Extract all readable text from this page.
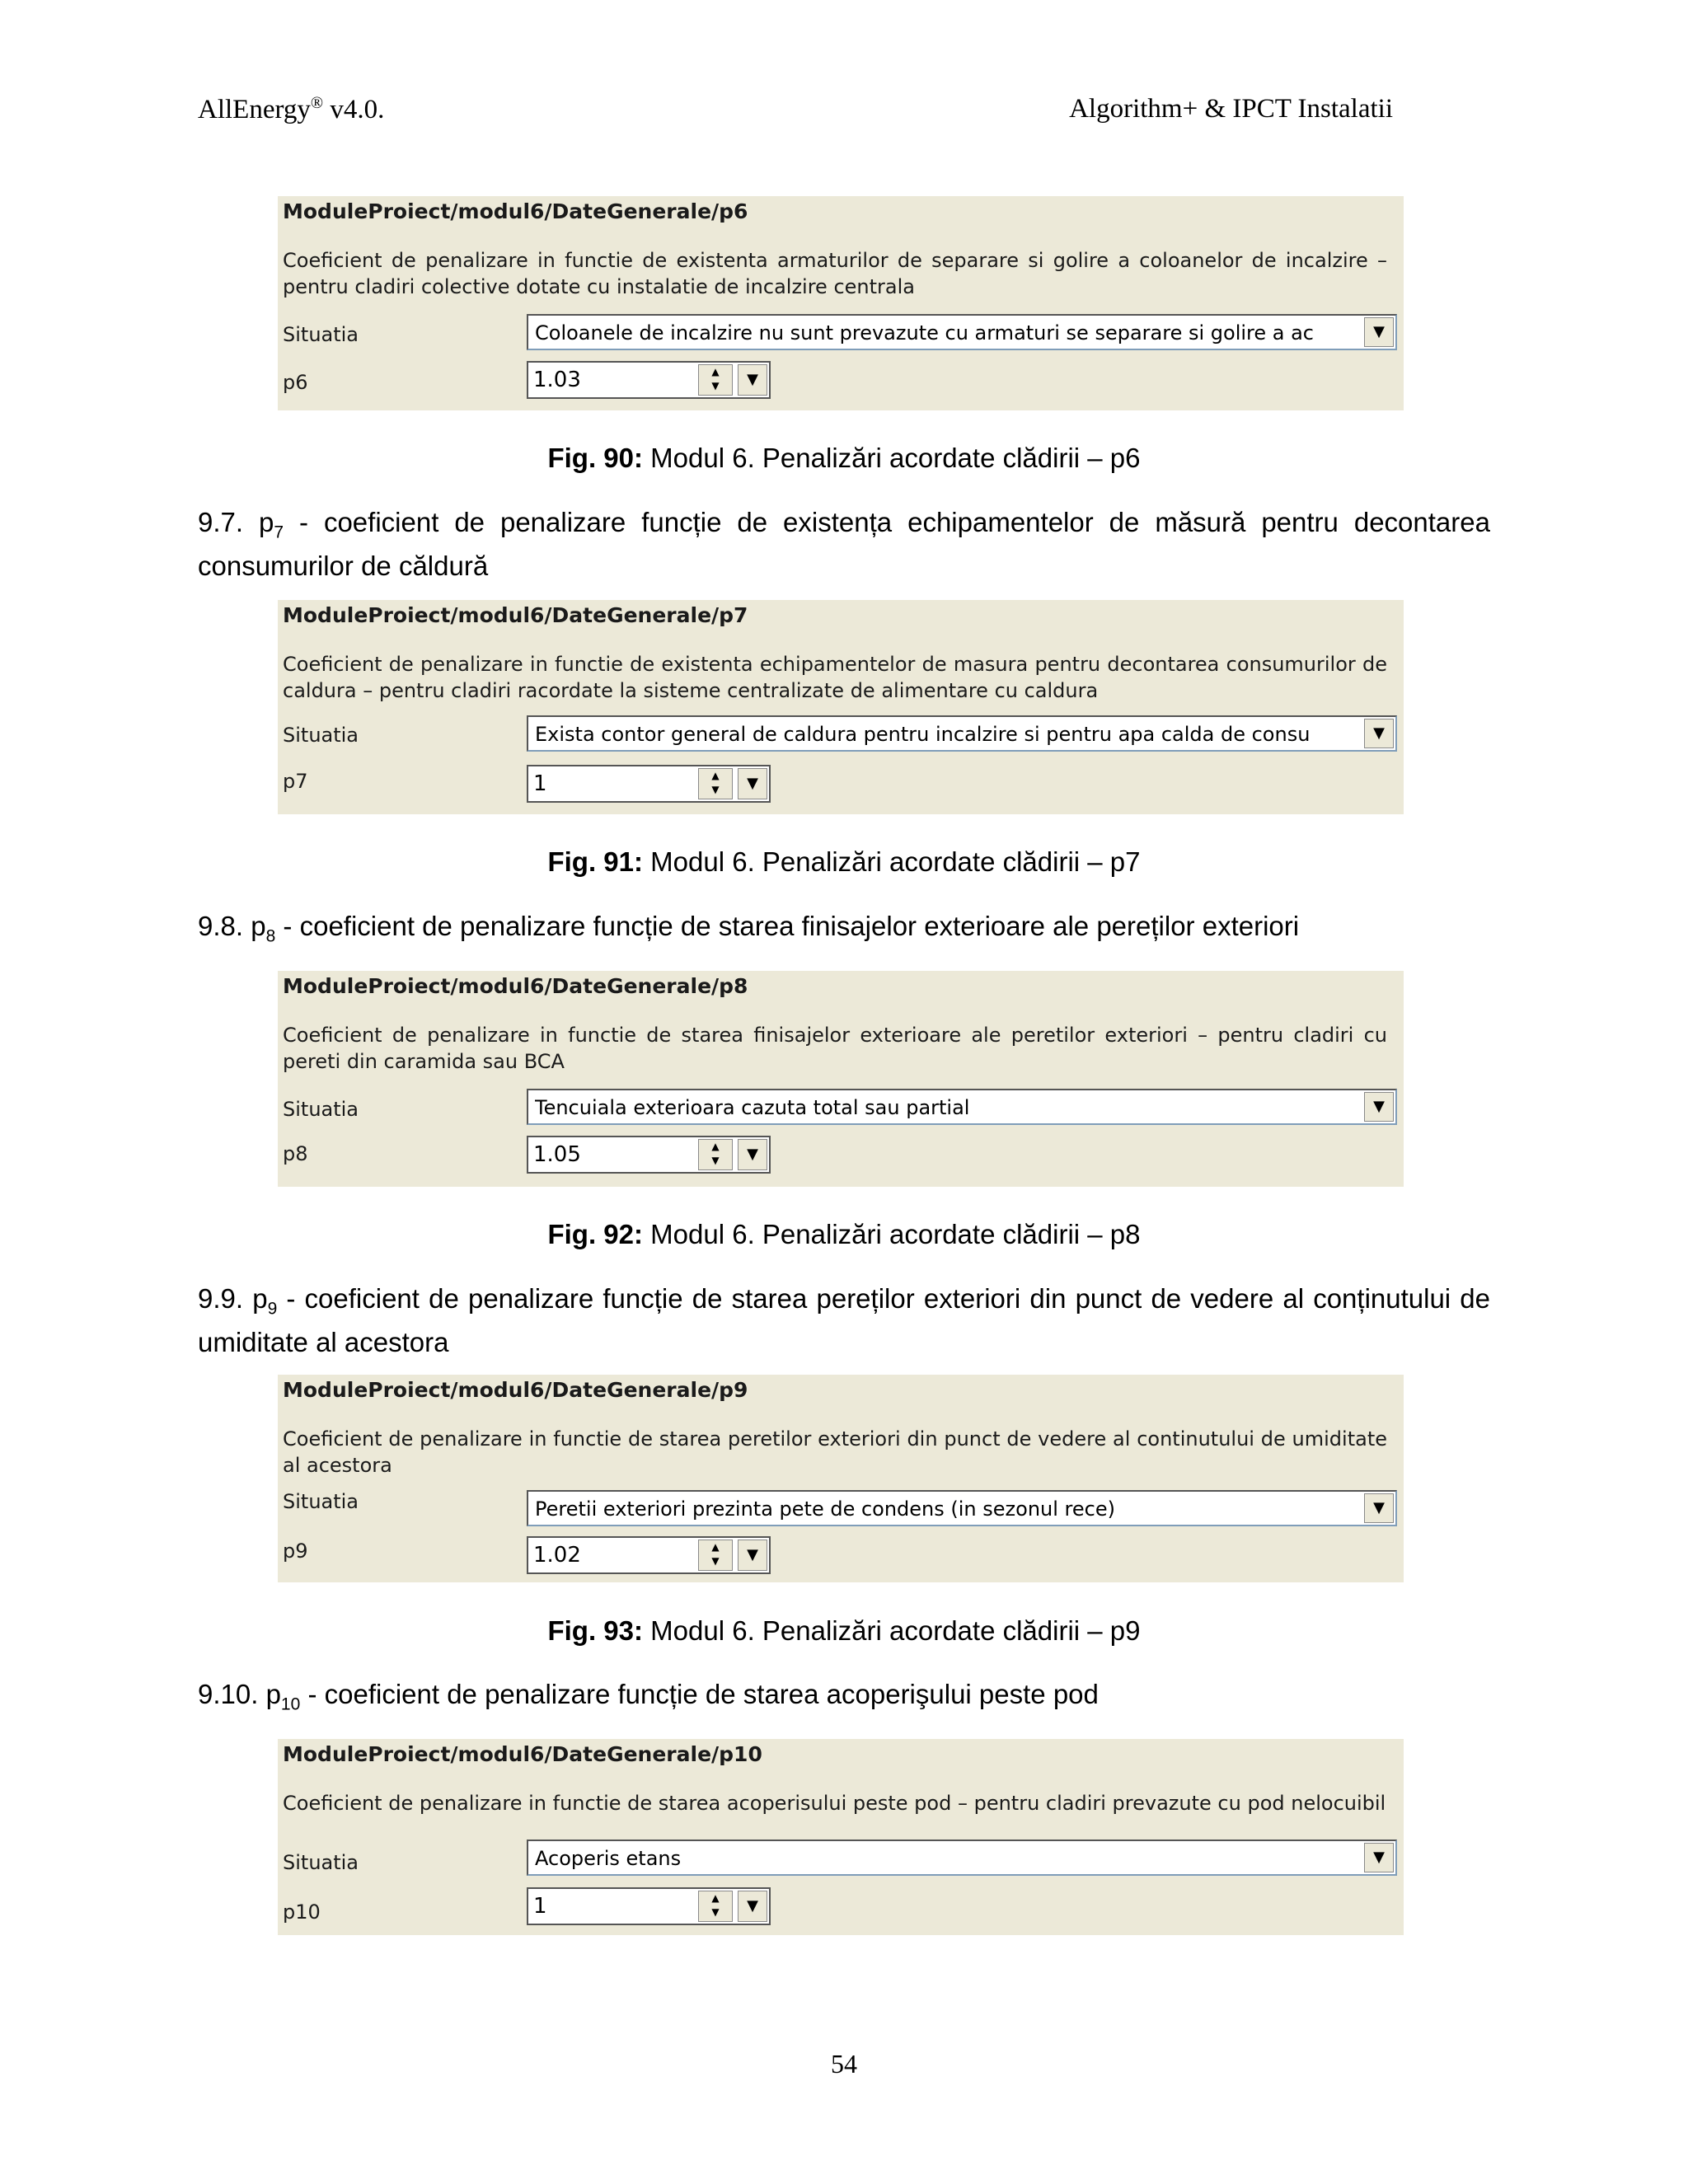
AllEnergy® v4.0.	Algorithm+ & IPCT Instalatii
ModuleProiect/modul6/DateGenerale/p6
Coeficient de penalizare in functie de existenta armaturilor de separare si golire a coloanelor de incalzire – pentru cladiri colective dotate cu instalatie de incalzire centrala
Situatia	Coloanele de incalzire nu sunt prevazute cu armaturi se separare si golire a ac	▼
p6	1.03	▲
▼	▼
Fig. 90: Modul 6. Penalizări acordate clădirii – p6
9.7. $p_7$ - coeficient de penalizare funcție de existența echipamentelor de măsură pentru decontarea consumurilor de căldură
ModuleProiect/modul6/DateGenerale/p7
Coeficient de penalizare in functie de existenta echipamentelor de masura pentru decontarea consumurilor de caldura – pentru cladiri racordate la sisteme centralizate de alimentare cu caldura
Situatia	Exista contor general de caldura pentru incalzire si pentru apa calda de consu	▼
p7	1	▲
▼	▼
Fig. 91: Modul 6. Penalizări acordate clădirii – p7
9.8. $p_8$ - coeficient de penalizare funcție de starea finisajelor exterioare ale pereților exteriori
ModuleProiect/modul6/DateGenerale/p8
Coeficient de penalizare in functie de starea finisajelor exterioare ale peretilor exteriori – pentru cladiri cu pereti din caramida sau BCA
Situatia	Tencuiala exterioara cazuta total sau partial	▼
p8	1.05	▲
▼	▼
Fig. 92: Modul 6. Penalizări acordate clădirii – p8
9.9. $p_9$ - coeficient de penalizare funcție de starea pereților exteriori din punct de vedere al conținutului de umiditate al acestora
ModuleProiect/modul6/DateGenerale/p9
Coeficient de penalizare in functie de starea peretilor exteriori din punct de vedere al continutului de umiditate al acestora
Situatia	Peretii exteriori prezinta pete de condens (in sezonul rece)	▼
p9	1.02	▲
▼	▼
Fig. 93: Modul 6. Penalizări acordate clădirii – p9
9.10. $p_{10}$ - coeficient de penalizare funcție de starea acoperişului peste pod
ModuleProiect/modul6/DateGenerale/p10
Coeficient de penalizare in functie de starea acoperisului peste pod – pentru cladiri prevazute cu pod nelocuibil
Situatia	Acoperis etans	▼
p10	1	▲
▼	▼
54
